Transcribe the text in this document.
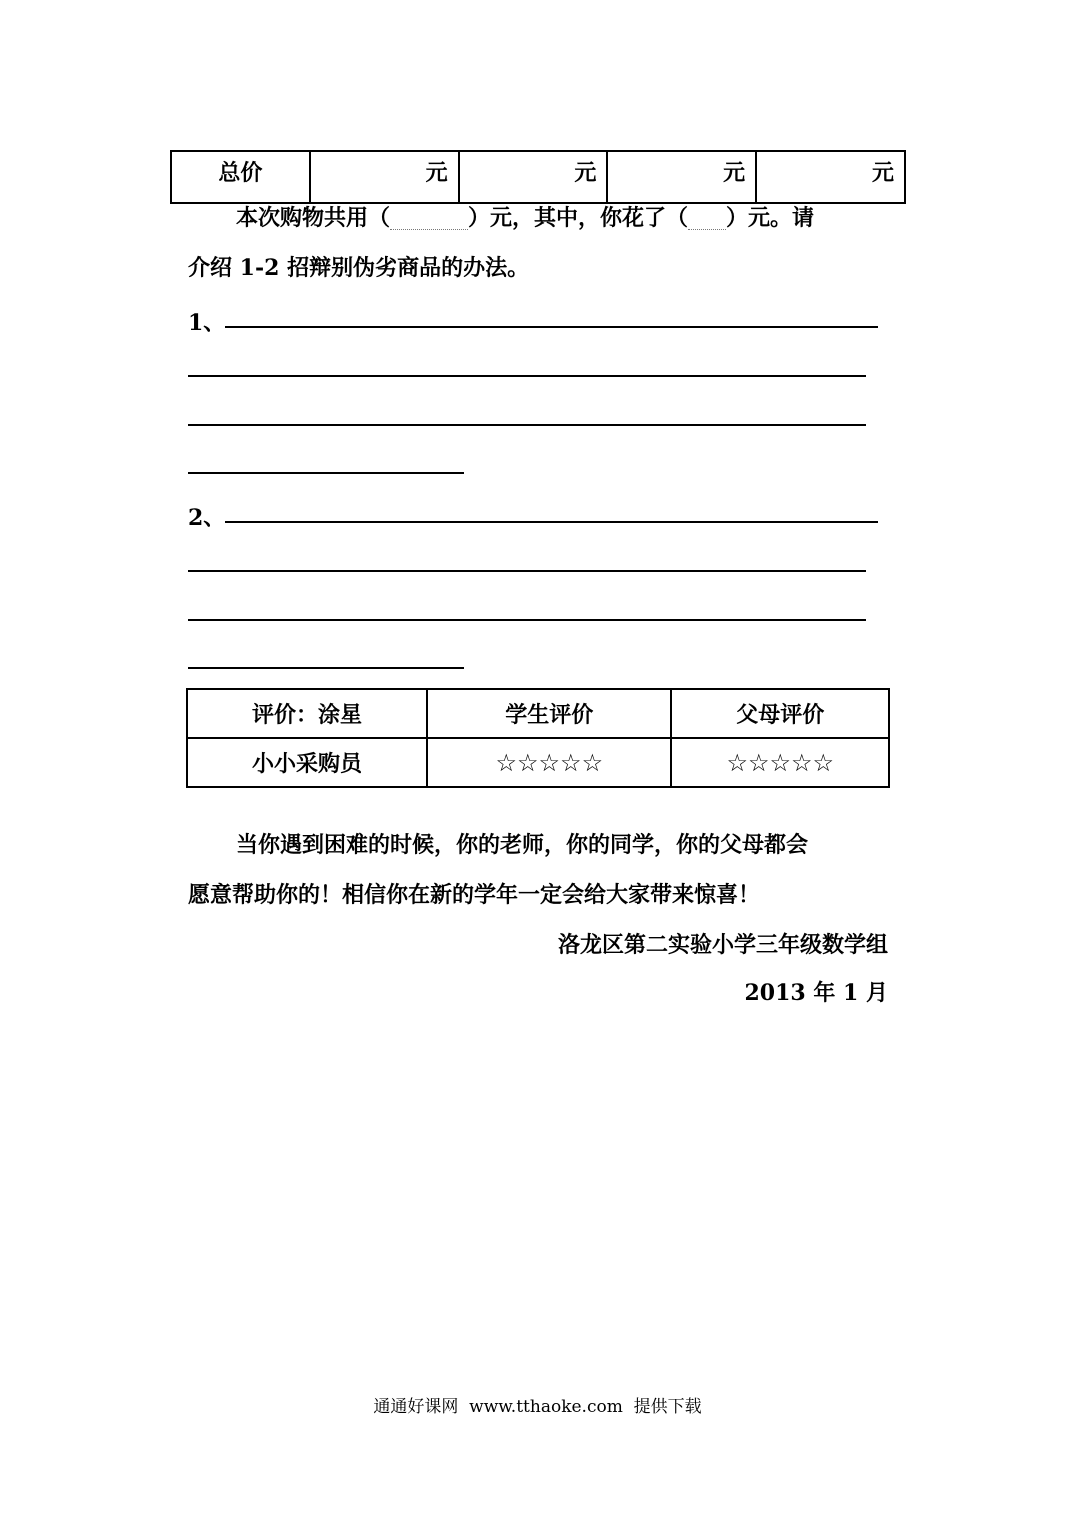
总价	元	元	元	元
本次购物共用（	）元，其中，你花了（ ）元。请
介绍 1-2 招辩别伪劣商品的办法。
1、
2、
评价：涂星	学生评价	父母评价
小小采购员	☆☆☆☆☆	☆☆☆☆☆
当你遇到困难的时候，你的老师，你的同学，你的父母都会
愿意帮助你的！相信你在新的学年一定会给大家带来惊喜！
洛龙区第二实验小学三年级数学组
2013 年 1 月
通通好课网  www.tthaoke.com  提供下载
